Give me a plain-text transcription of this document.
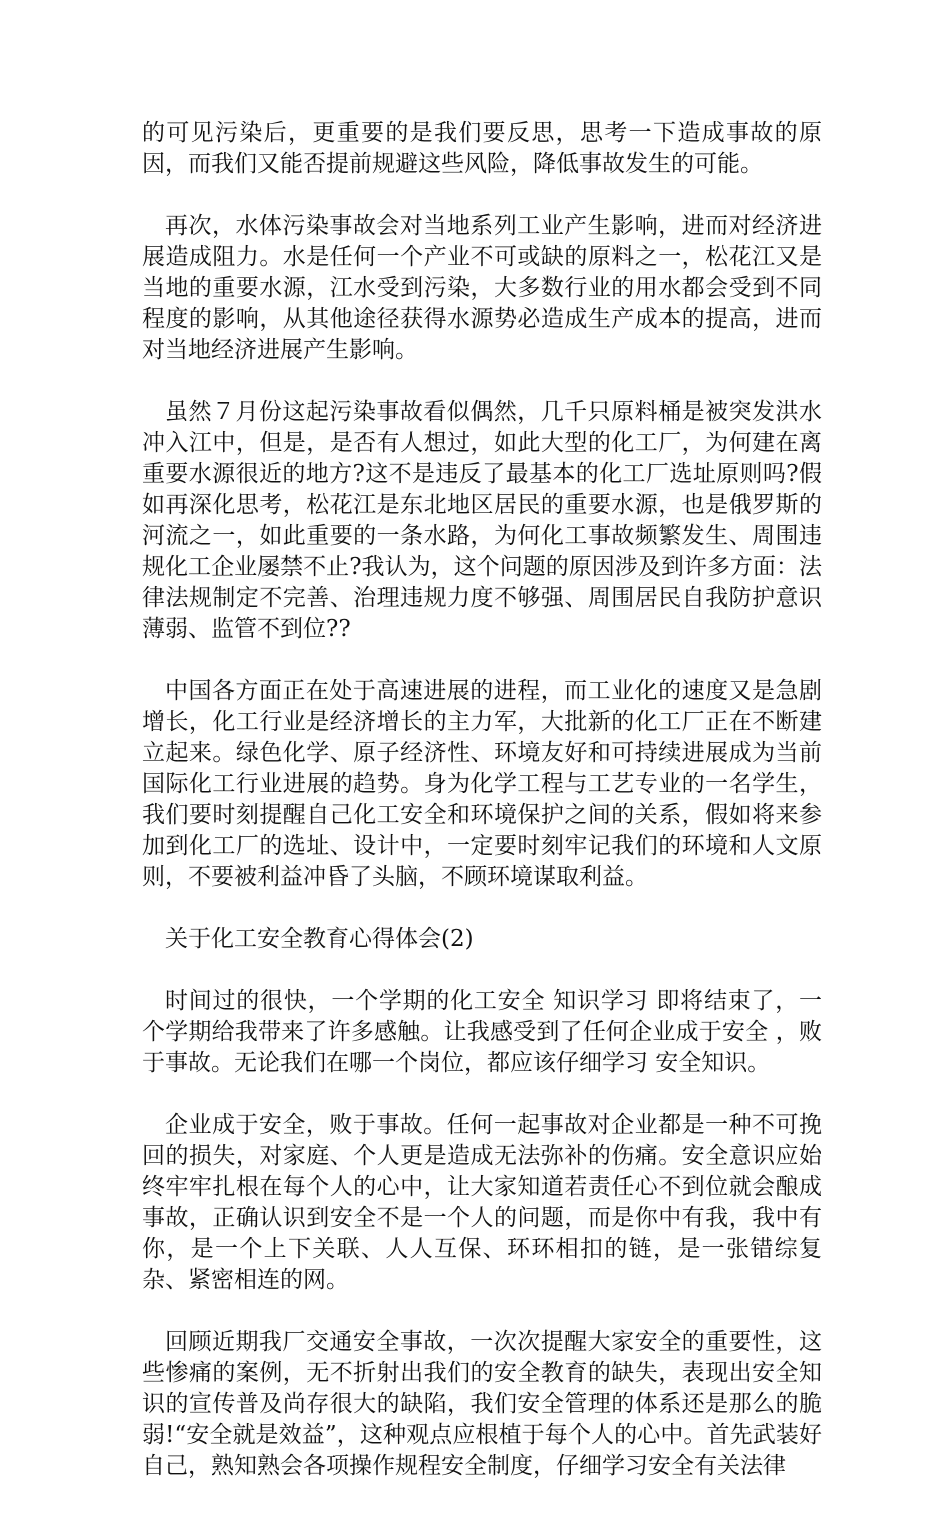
的可见污染后，更重要的是我们要反思，思考一下造成事故的原因，而我们又能否提前规避这些风险，降低事故发生的可能。

再次，水体污染事故会对当地系列工业产生影响，进而对经济进展造成阻力。水是任何一个产业不可或缺的原料之一，松花江又是当地的重要水源，江水受到污染，大多数行业的用水都会受到不同程度的影响，从其他途径获得水源势必造成生产成本的提高，进而对当地经济进展产生影响。

虽然７月份这起污染事故看似偶然，几千只原料桶是被突发洪水冲入江中，但是，是否有人想过，如此大型的化工厂，为何建在离重要水源很近的地方?这不是违反了最基本的化工厂选址原则吗?假如再深化思考，松花江是东北地区居民的重要水源，也是俄罗斯的河流之一，如此重要的一条水路，为何化工事故频繁发生、周围违规化工企业屡禁不止?我认为，这个问题的原因涉及到许多方面：法律法规制定不完善、治理违规力度不够强、周围居民自我防护意识薄弱、监管不到位??

中国各方面正在处于高速进展的进程，而工业化的速度又是急剧增长，化工行业是经济增长的主力军，大批新的化工厂正在不断建立起来。绿色化学、原子经济性、环境友好和可持续进展成为当前国际化工行业进展的趋势。身为化学工程与工艺专业的一名学生，我们要时刻提醒自己化工安全和环境保护之间的关系，假如将来参加到化工厂的选址、设计中，一定要时刻牢记我们的环境和人文原则，不要被利益冲昏了头脑，不顾环境谋取利益。

关于化工安全教育心得体会(2)

时间过的很快，一个学期的化工安全 知识学习 即将结束了，一个学期给我带来了许多感触。让我感受到了任何企业成于安全 ，败于事故。无论我们在哪一个岗位，都应该仔细学习 安全知识。

企业成于安全，败于事故。任何一起事故对企业都是一种不可挽回的损失，对家庭、个人更是造成无法弥补的伤痛。安全意识应始终牢牢扎根在每个人的心中，让大家知道若责任心不到位就会酿成事故，正确认识到安全不是一个人的问题，而是你中有我，我中有你，是一个上下关联、人人互保、环环相扣的链，是一张错综复杂、紧密相连的网。

回顾近期我厂交通安全事故，一次次提醒大家安全的重要性，这些惨痛的案例，无不折射出我们的安全教育的缺失，表现出安全知识的宣传普及尚存很大的缺陷，我们安全管理的体系还是那么的脆弱!“安全就是效益”，这种观点应根植于每个人的心中。首先武装好自己，熟知熟会各项操作规程安全制度，仔细学习安全有关法律
